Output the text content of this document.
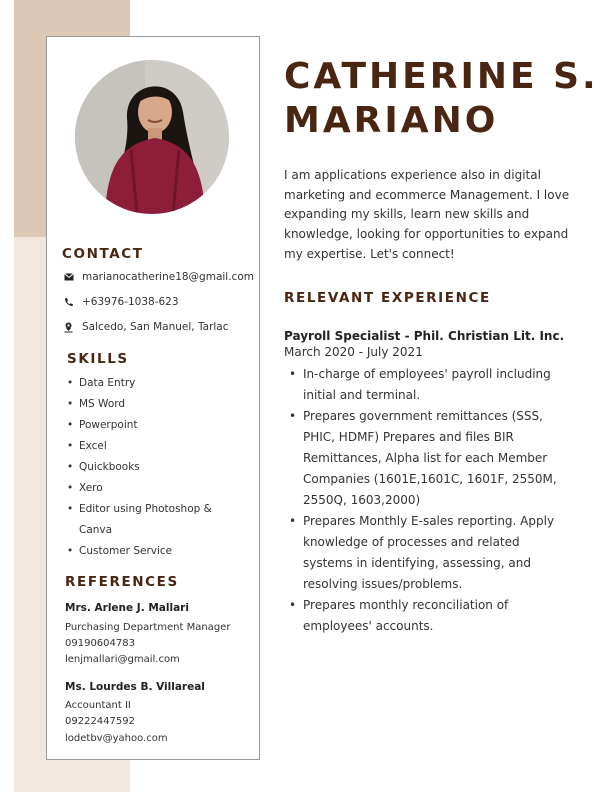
CONTACT
marianocatherine18@gmail.com
+63976-1038-623
Salcedo, San Manuel, Tarlac
SKILLS
• Data Entry
• MS Word
• Powerpoint
• Excel
• Quickbooks
• Xero
• Editor using Photoshop &
Canva
• Customer Service
REFERENCES
Mrs. Arlene J. Mallari
Purchasing Department Manager
09190604783
lenjmallari@gmail.com
Ms. Lourdes B. Villareal
Accountant II
09222447592
lodetbv@yahoo.com
CATHERINE S.
MARIANO
I am applications experience also in digital marketing and ecommerce Management. I love expanding my skills, learn new skills and knowledge, looking for opportunities to expand my expertise. Let's connect!
RELEVANT EXPERIENCE
Payroll Specialist - Phil. Christian Lit. Inc.
March 2020 - July 2021
• In-charge of employees' payroll including initial and terminal.
• Prepares government remittances (SSS, PHIC, HDMF) Prepares and files BIR Remittances, Alpha list for each Member Companies (1601E,1601C, 1601F, 2550M, 2550Q, 1603,2000)
• Prepares Monthly E-sales reporting. Apply knowledge of processes and related systems in identifying, assessing, and resolving issues/problems.
• Prepares monthly reconciliation of employees' accounts.
